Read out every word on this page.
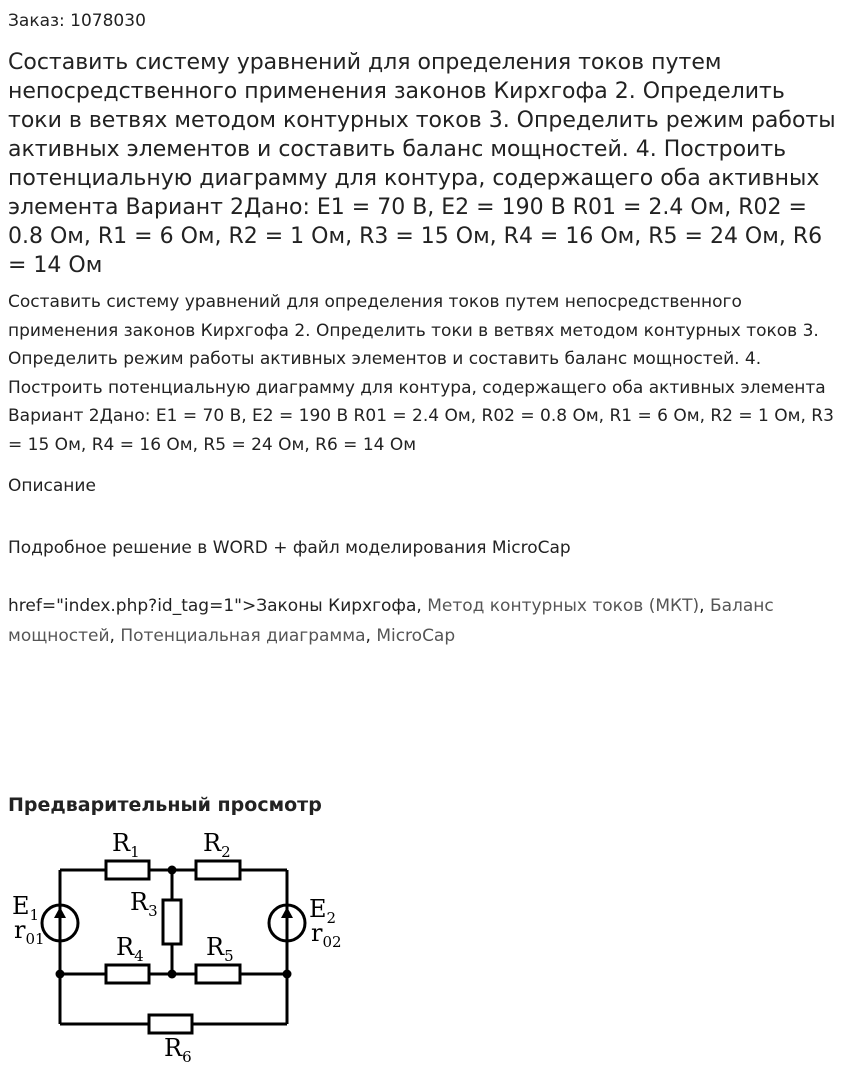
Заказ: 1078030
Составить систему уравнений для определения токов путем непосредственного применения законов Кирхгофа 2. Определить токи в ветвях методом контурных токов 3. Определить режим работы активных элементов и составить баланс мощностей. 4. Построить потенциальную диаграмму для контура, содержащего оба активных элемента Вариант 2Дано: E1 = 70 В, E2 = 190 В R01 = 2.4 Ом, R02 = 0.8 Ом, R1 = 6 Ом, R2 = 1 Ом, R3 = 15 Ом, R4 = 16 Ом, R5 = 24 Ом, R6 = 14 Ом

Составить систему уравнений для определения токов путем непосредственного применения законов Кирхгофа 2. Определить токи в ветвях методом контурных токов 3. Определить режим работы активных элементов и составить баланс мощностей. 4. Построить потенциальную диаграмму для контура, содержащего оба активных элемента Вариант 2Дано: E1 = 70 В, E2 = 190 В R01 = 2.4 Ом, R02 = 0.8 Ом, R1 = 6 Ом, R2 = 1 Ом, R3 = 15 Ом, R4 = 16 Ом, R5 = 24 Ом, R6 = 14 Ом

Описание
Подробное решение в WORD + файл моделирования MicroCap
href="index.php?id_tag=1">Законы Кирхгофа, Метод контурных токов (МКТ), Баланс мощностей, Потенциальная диаграмма, MicroCap
Предварительный просмотр
$R_1$	$R_2$
$R_3$
$R_4$	$R_5$
$R_6$
$E_1$
$r_{01}$
$E_2$
$r_{02}$
